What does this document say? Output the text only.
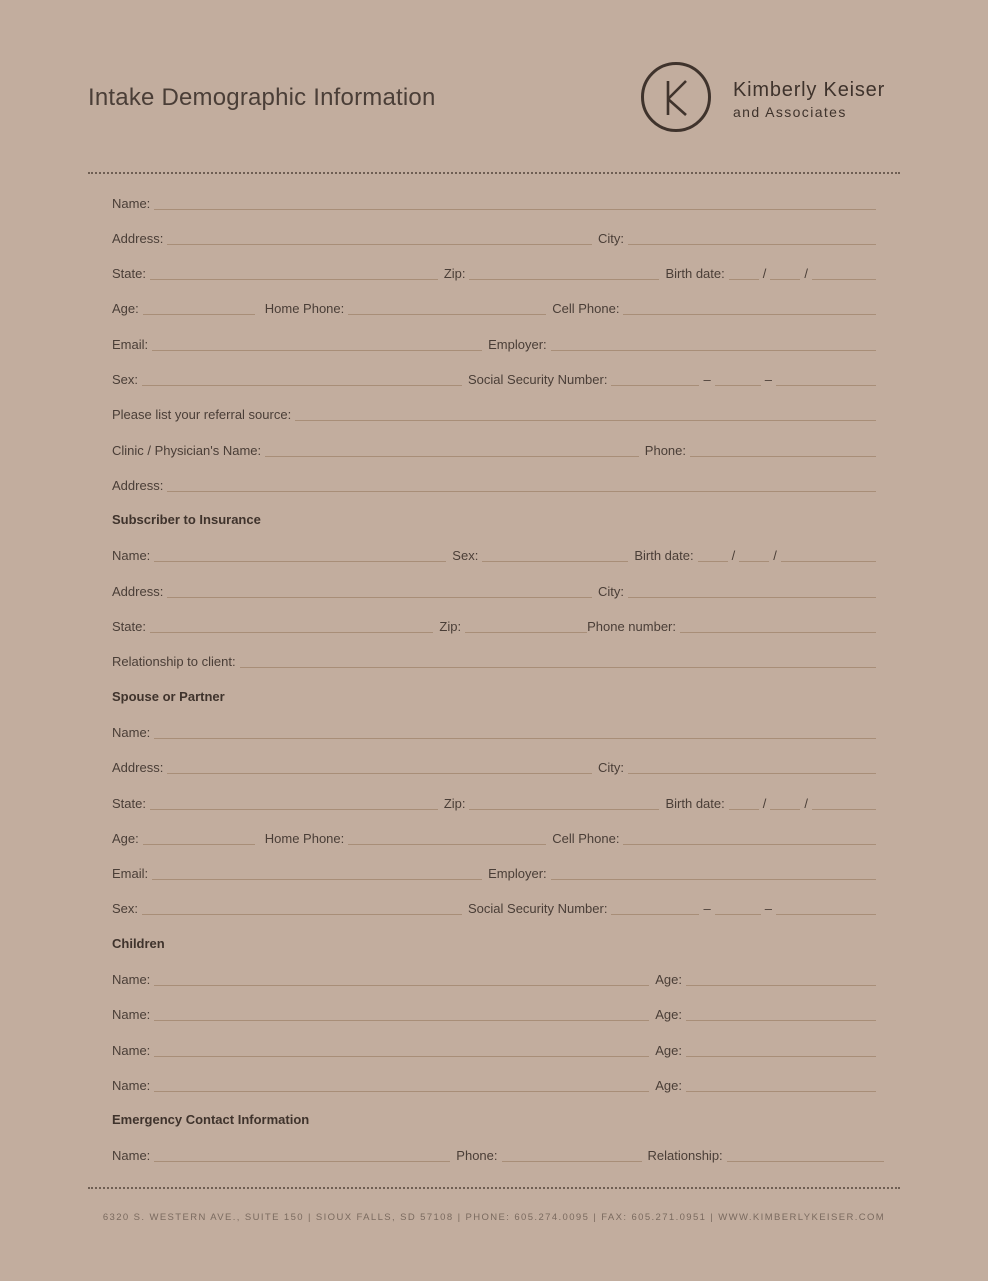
Intake Demographic Information	Kimberly Keiser
and Associates
Name:
Address:	City:
State:	Zip:	Birth date:	/	/
Age:	Home Phone:	Cell Phone:
Email:	Employer:
Sex:	Social Security Number:	–	–
Please list your referral source:
Clinic / Physician's Name:	Phone:
Address:
Subscriber to Insurance
Name:	Sex:	Birth date:	/	/
Address:	City:
State:	Zip:	Phone number:
Relationship to client:
Spouse or Partner
Name:
Address:	City:
State:	Zip:	Birth date:	/	/
Age:	Home Phone:	Cell Phone:
Email:	Employer:
Sex:	Social Security Number:	–	–
Children
Name:	Age:
Name:	Age:
Name:	Age:
Name:	Age:
Emergency Contact Information
Name:	Phone:	Relationship:
6320 S. WESTERN AVE., SUITE 150 | SIOUX FALLS, SD 57108 | PHONE: 605.274.0095 | FAX: 605.271.0951 | WWW.KIMBERLYKEISER.COM
